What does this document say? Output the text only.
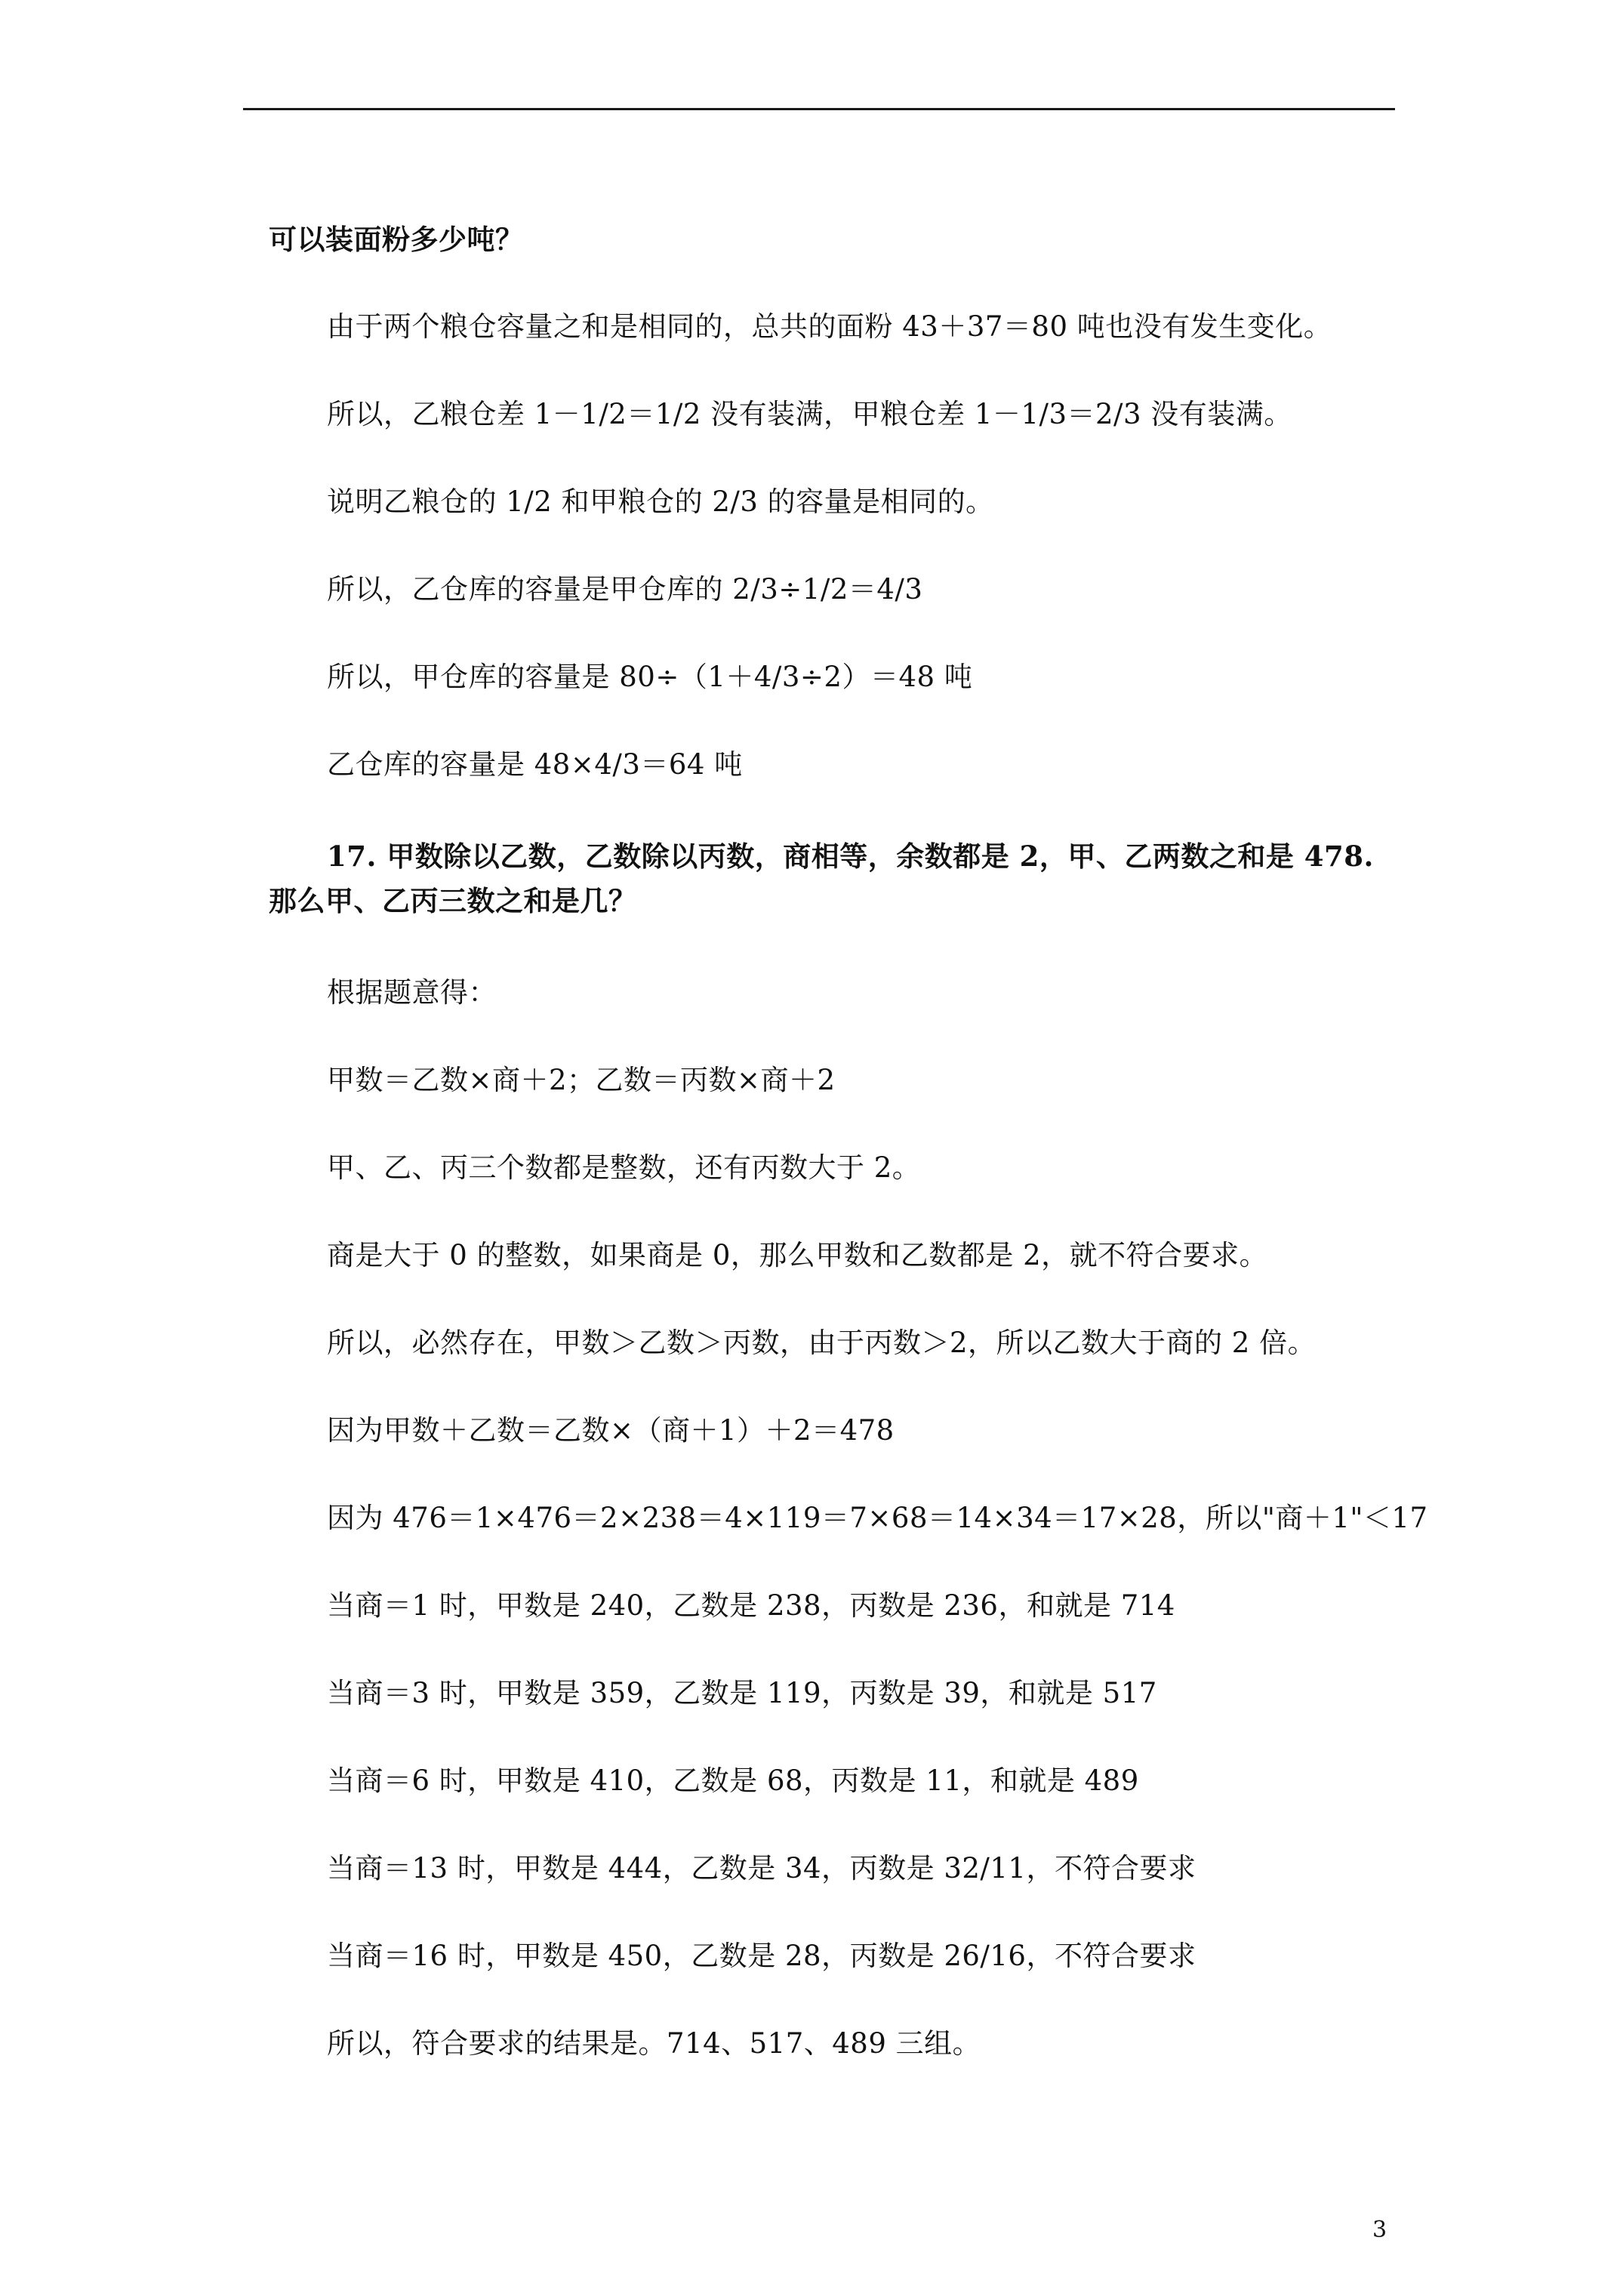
可以装面粉多少吨？
由于两个粮仓容量之和是相同的，总共的面粉 43＋37＝80 吨也没有发生变化。
所以，乙粮仓差 1－1/2＝1/2 没有装满，甲粮仓差 1－1/3＝2/3 没有装满。
说明乙粮仓的 1/2 和甲粮仓的 2/3 的容量是相同的。
所以，乙仓库的容量是甲仓库的 2/3÷1/2＝4/3
所以，甲仓库的容量是 80÷（1＋4/3÷2）＝48 吨
乙仓库的容量是 48×4/3＝64 吨
17. 甲数除以乙数，乙数除以丙数，商相等，余数都是 2，甲、乙两数之和是 478.
那么甲、乙丙三数之和是几？
根据题意得：
甲数＝乙数×商＋2；乙数＝丙数×商＋2
甲、乙、丙三个数都是整数，还有丙数大于 2。
商是大于 0 的整数，如果商是 0，那么甲数和乙数都是 2，就不符合要求。
所以，必然存在，甲数＞乙数＞丙数，由于丙数＞2，所以乙数大于商的 2 倍。
因为甲数＋乙数＝乙数×（商＋1）＋2＝478
因为 476＝1×476＝2×238＝4×119＝7×68＝14×34＝17×28，所以"商＋1"＜17
当商＝1 时，甲数是 240，乙数是 238，丙数是 236，和就是 714
当商＝3 时，甲数是 359，乙数是 119，丙数是 39，和就是 517
当商＝6 时，甲数是 410，乙数是 68，丙数是 11，和就是 489
当商＝13 时，甲数是 444，乙数是 34，丙数是 32/11，不符合要求
当商＝16 时，甲数是 450，乙数是 28，丙数是 26/16，不符合要求
所以，符合要求的结果是。714、517、489 三组。
3
